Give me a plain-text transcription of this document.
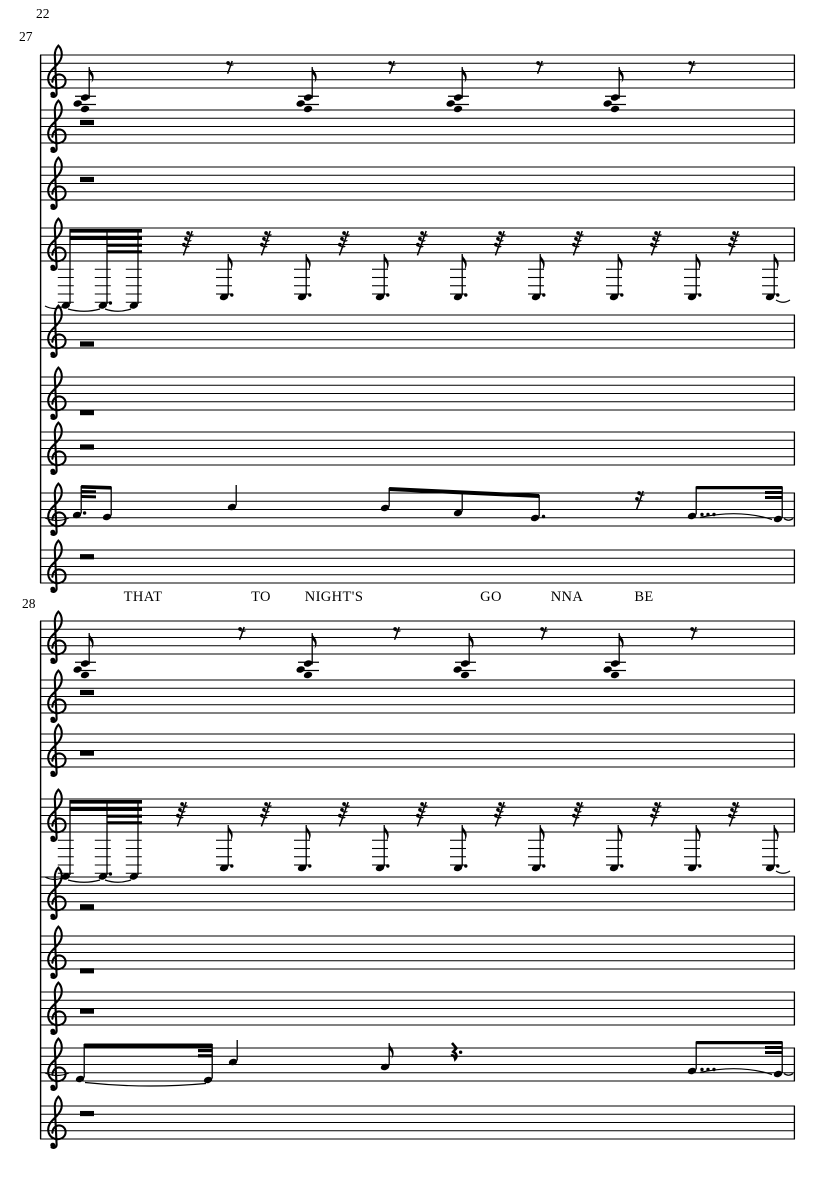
22
27
28	THAT	TO NIGHT'S	GO	NNA	BE
